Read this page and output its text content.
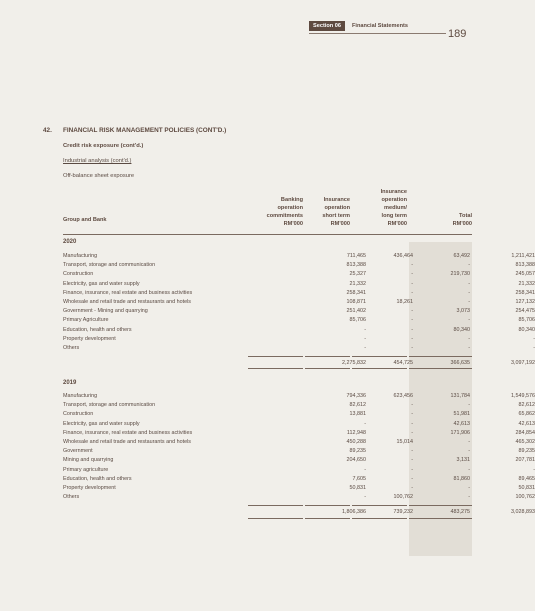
Section 06	Financial Statements
189
42. FINANCIAL RISK MANAGEMENT POLICIES (CONT'D.)
Credit risk exposure (cont'd.)
Industrial analysis (cont'd.)
Off-balance sheet exposure
Group and Bank
Banking
operation
commitments
RM'000
Insurance
operation
short term
RM'000
Insurance
operation
medium/
long term
RM'000
Total
RM'000
2020
Manufacturing	711,465	436,464	63,492	1,211,421
Transport, storage and communication	813,388	-	-	813,388
Construction	25,327	-	219,730	245,057
Electricity, gas and water supply	21,332	-	-	21,332
Finance, insurance, real estate and business activities	258,341	-	-	258,341
Wholesale and retail trade and restaurants and hotels	108,871	18,261	-	127,132
Government - Mining and quarrying	251,402	-	3,073	254,475
Primary Agriculture	85,706	-	-	85,706
Education, health and others	-	-	80,340	80,340
Property development	-	-	-	-
Others	-	-	-	-
2,275,832	454,725	366,635	3,097,192
2019
Manufacturing	794,336	623,456	131,784	1,549,576
Transport, storage and communication	82,612	-	-	82,612
Construction	13,881	-	51,981	65,862
Electricity, gas and water supply	-	-	42,613	42,613
Finance, insurance, real estate and business activities	112,948	-	171,906	284,854
Wholesale and retail trade and restaurants and hotels	450,288	15,014	-	465,302
Government	89,235	-	-	89,235
Mining and quarrying	204,650	-	3,131	207,781
Primary agriculture	-	-	-	-
Education, health and others	7,605	-	81,860	89,465
Property development	50,831	-	-	50,831
Others	-	100,762	-	100,762
1,806,386	739,232	483,275	3,028,893
